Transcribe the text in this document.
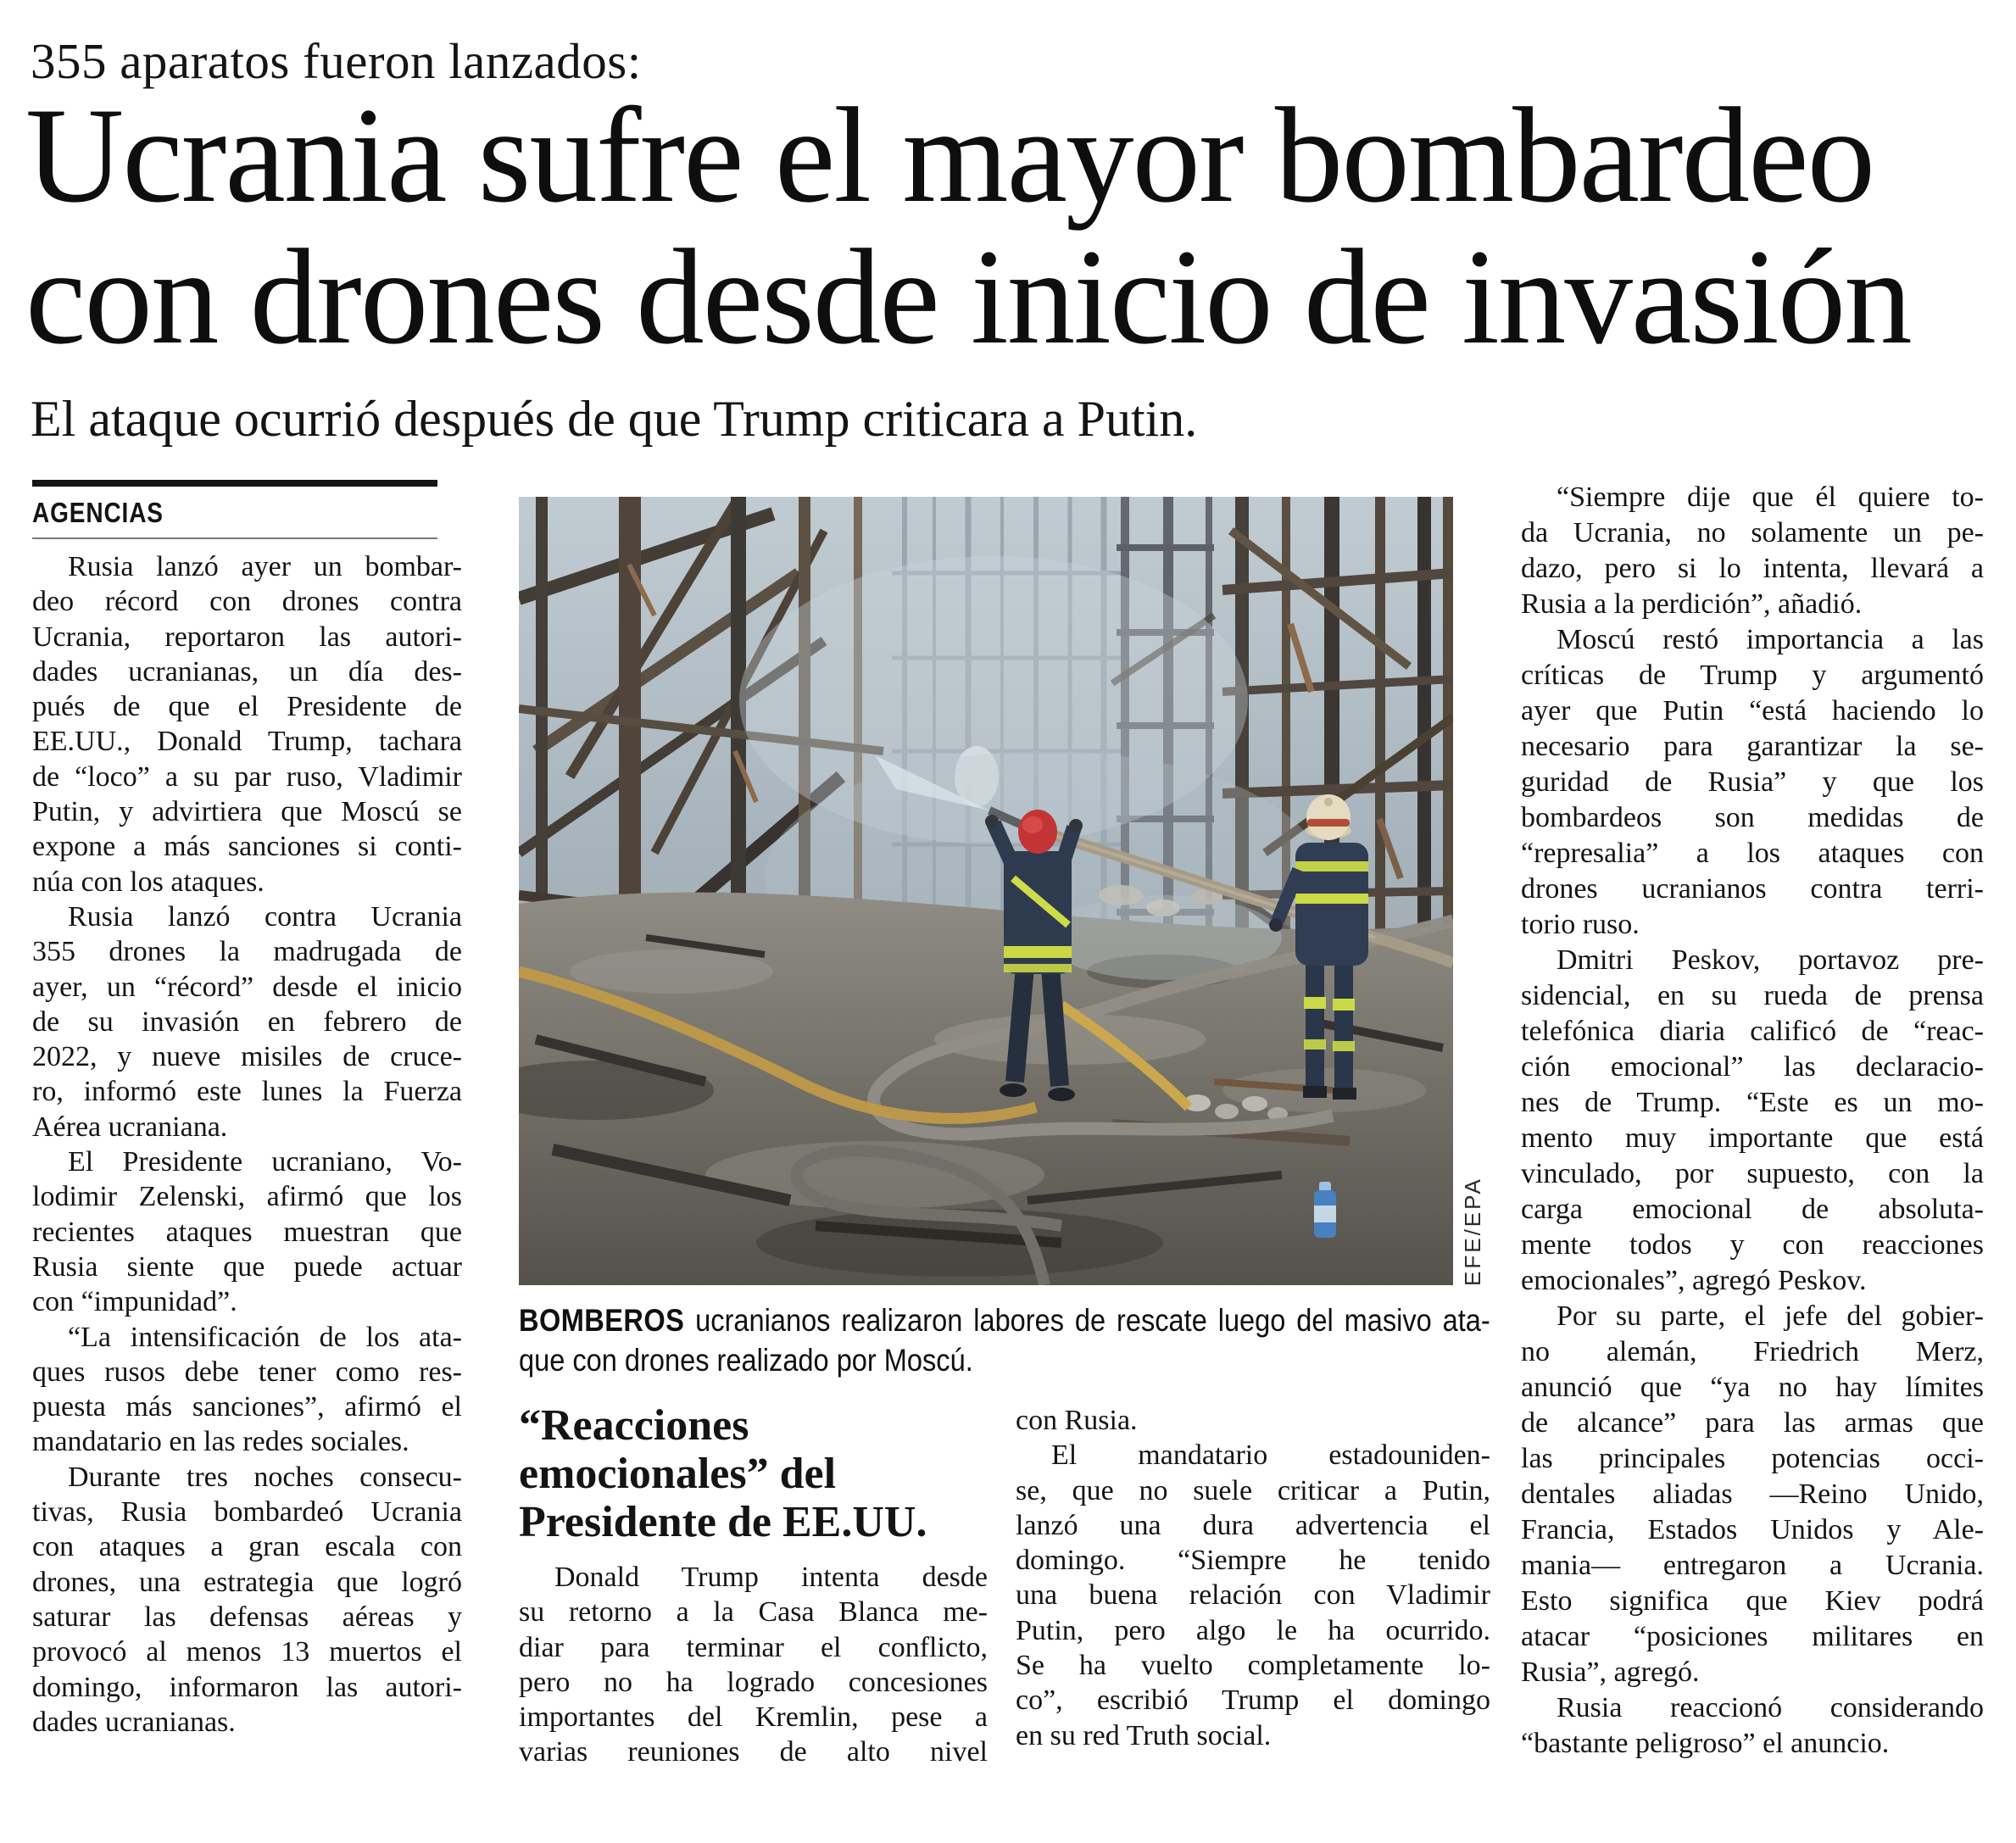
355 aparatos fueron lanzados:
Ucrania sufre el mayor bombardeo
con drones desde inicio de invasión
El ataque ocurrió después de que Trump criticara a Putin.
AGENCIAS
Rusia lanzó ayer un bombar-
deo récord con drones contra
Ucrania, reportaron las autori-
dades ucranianas, un día des-
pués de que el Presidente de
EE.UU., Donald Trump, tachara
de “loco” a su par ruso, Vladimir
Putin, y advirtiera que Moscú se
expone a más sanciones si conti-
núa con los ataques.
Rusia lanzó contra Ucrania
355 drones la madrugada de
ayer, un “récord” desde el inicio
de su invasión en febrero de
2022, y nueve misiles de cruce-
ro, informó este lunes la Fuerza
Aérea ucraniana.
El Presidente ucraniano, Vo-
lodimir Zelenski, afirmó que los
recientes ataques muestran que
Rusia siente que puede actuar
con “impunidad”.
“La intensificación de los ata-
ques rusos debe tener como res-
puesta más sanciones”, afirmó el
mandatario en las redes sociales.
Durante tres noches consecu-
tivas, Rusia bombardeó Ucrania
con ataques a gran escala con
drones, una estrategia que logró
saturar las defensas aéreas y
provocó al menos 13 muertos el
domingo, informaron las autori-
dades ucranianas.
EFE/EPA
BOMBEROS ucranianos realizaron labores de rescate luego del masivo ata-
que con drones realizado por Moscú.
“Reacciones
emocionales” del
Presidente de EE.UU.
Donald Trump intenta desde
su retorno a la Casa Blanca me-
diar para terminar el conflicto,
pero no ha logrado concesiones
importantes del Kremlin, pese a
varias reuniones de alto nivel
con Rusia.
El mandatario estadouniden-
se, que no suele criticar a Putin,
lanzó una dura advertencia el
domingo. “Siempre he tenido
una buena relación con Vladimir
Putin, pero algo le ha ocurrido.
Se ha vuelto completamente lo-
co”, escribió Trump el domingo
en su red Truth social.
“Siempre dije que él quiere to-
da Ucrania, no solamente un pe-
dazo, pero si lo intenta, llevará a
Rusia a la perdición”, añadió.
Moscú restó importancia a las
críticas de Trump y argumentó
ayer que Putin “está haciendo lo
necesario para garantizar la se-
guridad de Rusia” y que los
bombardeos son medidas de
“represalia” a los ataques con
drones ucranianos contra terri-
torio ruso.
Dmitri Peskov, portavoz pre-
sidencial, en su rueda de prensa
telefónica diaria calificó de “reac-
ción emocional” las declaracio-
nes de Trump. “Este es un mo-
mento muy importante que está
vinculado, por supuesto, con la
carga emocional de absoluta-
mente todos y con reacciones
emocionales”, agregó Peskov.
Por su parte, el jefe del gobier-
no alemán, Friedrich Merz,
anunció que “ya no hay límites
de alcance” para las armas que
las principales potencias occi-
dentales aliadas —Reino Unido,
Francia, Estados Unidos y Ale-
mania— entregaron a Ucrania.
Esto significa que Kiev podrá
atacar “posiciones militares en
Rusia”, agregó.
Rusia reaccionó considerando
“bastante peligroso” el anuncio.
